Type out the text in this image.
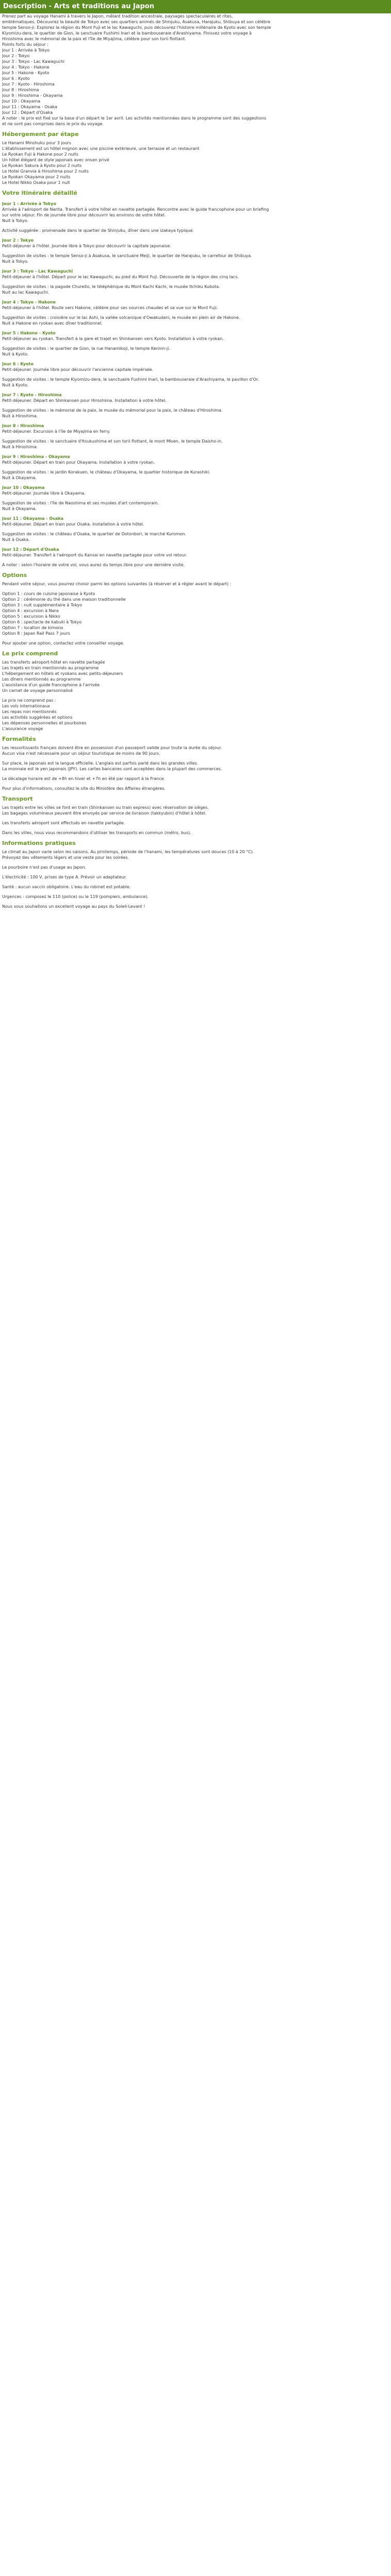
Description - Arts et traditions au Japon

Prenez part au voyage Hanami à travers le Japon, mêlant tradition ancestrale, paysages spectaculaires et rites,

emblématiques. Découvrez la beauté de Tokyo avec ses quartiers animés de Shinjuku, Asakusa, Harajuku, Shibuya et son célèbre

temple Senso-ji. Explorez la région du Mont Fuji et le lac Kawaguchi, puis découvrez l'histoire millénaire de Kyoto avec son temple

Kiyomizu-dera, le quartier de Gion, le sanctuaire Fushimi Inari et la bambouseraie d'Arashiyama. Finissez votre voyage à

Hiroshima avec le mémorial de la paix et l'île de Miyajima, célèbre pour son torii flottant.

Points forts du séjour :

Jour 1 : Arrivée à Tokyo

Jour 2 : Tokyo

Jour 3 : Tokyo - Lac Kawaguchi

Jour 4 : Tokyo - Hakone

Jour 5 : Hakone - Kyoto

Jour 6 : Kyoto

Jour 7 : Kyoto - Hiroshima

Jour 8 : Hiroshima

Jour 9 : Hiroshima - Okayama

Jour 10 : Okayama

Jour 11 : Okayama - Osaka

Jour 12 : Départ d'Osaka

A noter : le prix est fixé sur la base d'un départ le 1er avril. Les activités mentionnées dans le programme sont des suggestions

et ne sont pas comprises dans le prix du voyage.

Hébergement par étape

Le Hanami Minshuku pour 3 jours

L'établissement est un hôtel mignon avec une piscine extérieure, une terrasse et un restaurant

Le Ryokan Fuji à Hakone pour 2 nuits

Un hôtel élégant de style japonais avec onsen privé

Le Ryokan Sakura à Kyoto pour 2 nuits

Le Hotel Granvia à Hiroshima pour 2 nuits

Le Ryokan Okayama pour 2 nuits

Le Hotel Nikko Osaka pour 1 nuit

Votre itinéraire détaillé

Jour 1 : Arrivée à Tokyo

Arrivée à l'aéroport de Narita. Transfert à votre hôtel en navette partagée. Rencontre avec le guide francophone pour un briefing

sur votre séjour. Fin de journée libre pour découvrir les environs de votre hôtel.

Nuit à Tokyo.

Activité suggérée : promenade dans le quartier de Shinjuku, dîner dans une izakaya typique.

Jour 2 : Tokyo

Petit-déjeuner à l'hôtel. Journée libre à Tokyo pour découvrir la capitale japonaise.

Suggestion de visites : le temple Senso-ji à Asakusa, le sanctuaire Meiji, le quartier de Harajuku, le carrefour de Shibuya.

Nuit à Tokyo.

Jour 3 : Tokyo - Lac Kawaguchi

Petit-déjeuner à l'hôtel. Départ pour le lac Kawaguchi, au pied du Mont Fuji. Découverte de la région des cinq lacs.

Suggestion de visites : la pagode Chureito, le téléphérique du Mont Kachi Kachi, le musée Itchiku Kubota.

Nuit au lac Kawaguchi.

Jour 4 : Tokyo - Hakone

Petit-déjeuner à l'hôtel. Route vers Hakone, célèbre pour ses sources chaudes et sa vue sur le Mont Fuji.

Suggestion de visites : croisière sur le lac Ashi, la vallée volcanique d'Owakudani, le musée en plein air de Hakone.

Nuit à Hakone en ryokan avec dîner traditionnel.

Jour 5 : Hakone - Kyoto

Petit-déjeuner au ryokan. Transfert à la gare et trajet en Shinkansen vers Kyoto. Installation à votre ryokan.

Suggestion de visites : le quartier de Gion, la rue Hanamikoji, le temple Kennin-ji.

Nuit à Kyoto.

Jour 6 : Kyoto

Petit-déjeuner. Journée libre pour découvrir l'ancienne capitale impériale.

Suggestion de visites : le temple Kiyomizu-dera, le sanctuaire Fushimi Inari, la bambouseraie d'Arashiyama, le pavillon d'Or.

Nuit à Kyoto.

Jour 7 : Kyoto - Hiroshima

Petit-déjeuner. Départ en Shinkansen pour Hiroshima. Installation à votre hôtel.

Suggestion de visites : le mémorial de la paix, le musée du mémorial pour la paix, le château d'Hiroshima.

Nuit à Hiroshima.

Jour 8 : Hiroshima

Petit-déjeuner. Excursion à l'île de Miyajima en ferry.

Suggestion de visites : le sanctuaire d'Itsukushima et son torii flottant, le mont Misen, le temple Daisho-in.

Nuit à Hiroshima.

Jour 9 : Hiroshima - Okayama

Petit-déjeuner. Départ en train pour Okayama. Installation à votre ryokan.

Suggestion de visites : le jardin Korakuen, le château d'Okayama, le quartier historique de Kurashiki.

Nuit à Okayama.

Jour 10 : Okayama

Petit-déjeuner. Journée libre à Okayama.

Suggestion de visites : l'île de Naoshima et ses musées d'art contemporain.

Nuit à Okayama.

Jour 11 : Okayama - Osaka

Petit-déjeuner. Départ en train pour Osaka. Installation à votre hôtel.

Suggestion de visites : le château d'Osaka, le quartier de Dotonbori, le marché Kuromon.

Nuit à Osaka.

Jour 12 : Départ d'Osaka

Petit-déjeuner. Transfert à l'aéroport du Kansai en navette partagée pour votre vol retour.

A noter : selon l'horaire de votre vol, vous aurez du temps libre pour une dernière visite.

Options

Pendant votre séjour, vous pourrez choisir parmi les options suivantes (à réserver et à régler avant le départ) :

Option 1 : cours de cuisine japonaise à Kyoto

Option 2 : cérémonie du thé dans une maison traditionnelle

Option 3 : nuit supplémentaire à Tokyo

Option 4 : excursion à Nara

Option 5 : excursion à Nikko

Option 6 : spectacle de kabuki à Tokyo

Option 7 : location de kimono

Option 8 : Japan Rail Pass 7 jours

Pour ajouter une option, contactez votre conseiller voyage.

Le prix comprend

Les transferts aéroport-hôtel en navette partagée

Les trajets en train mentionnés au programme

L'hébergement en hôtels et ryokans avec petits-déjeuners

Les dîners mentionnés au programme

L'assistance d'un guide francophone à l'arrivée

Un carnet de voyage personnalisé

Le prix ne comprend pas :

Les vols internationaux

Les repas non mentionnés

Les activités suggérées et options

Les dépenses personnelles et pourboires

L'assurance voyage

Formalités

Les ressortissants français doivent être en possession d'un passeport valide pour toute la durée du séjour.

Aucun visa n'est nécessaire pour un séjour touristique de moins de 90 jours.

Sur place, le japonais est la langue officielle. L'anglais est parfois parlé dans les grandes villes.

La monnaie est le yen japonais (JPY). Les cartes bancaires sont acceptées dans la plupart des commerces.

Le décalage horaire est de +8h en hiver et +7h en été par rapport à la France.

Pour plus d'informations, consultez le site du Ministère des Affaires étrangères.

Transport

Les trajets entre les villes se font en train (Shinkansen ou train express) avec réservation de sièges.

Les bagages volumineux peuvent être envoyés par service de livraison (takkyubin) d'hôtel à hôtel.

Les transferts aéroport sont effectués en navette partagée.

Dans les villes, nous vous recommandons d'utiliser les transports en commun (métro, bus).

Informations pratiques

Le climat au Japon varie selon les saisons. Au printemps, période de l'hanami, les températures sont douces (10 à 20 °C).

Prévoyez des vêtements légers et une veste pour les soirées.

Le pourboire n'est pas d'usage au Japon.

L'électricité : 100 V, prises de type A. Prévoir un adaptateur.

Santé : aucun vaccin obligatoire. L'eau du robinet est potable.

Urgences : composez le 110 (police) ou le 119 (pompiers, ambulance).

Nous vous souhaitons un excellent voyage au pays du Soleil-Levant !
